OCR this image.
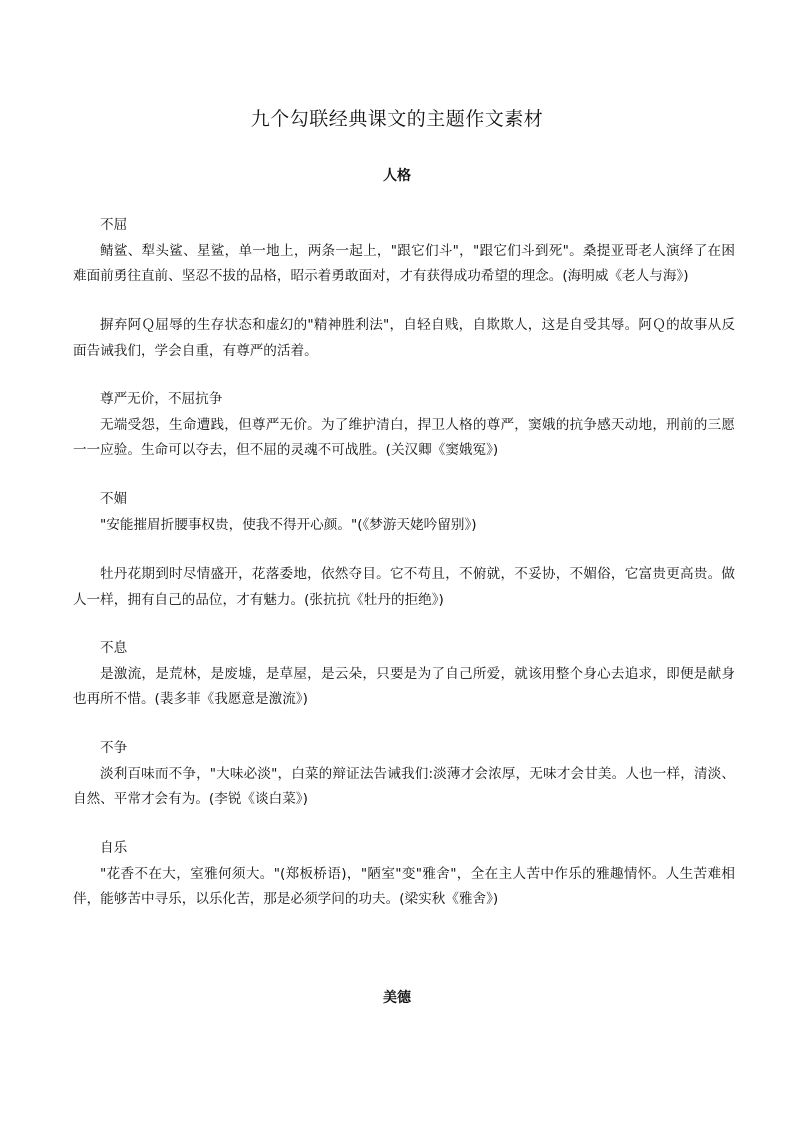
九个勾联经典课文的主题作文素材
人格
不屈
鲭鲨、犁头鲨、星鲨，单一地上，两条一起上，"跟它们斗"，"跟它们斗到死"。桑提亚哥老人演绎了在困难面前勇往直前、坚忍不拔的品格，昭示着勇敢面对，才有获得成功希望的理念。(海明威《老人与海》)
摒弃阿Ｑ屈辱的生存状态和虚幻的"精神胜利法"，自轻自贱，自欺欺人，这是自受其辱。阿Ｑ的故事从反面告诫我们，学会自重，有尊严的活着。
尊严无价，不屈抗争
无端受怨，生命遭践，但尊严无价。为了维护清白，捍卫人格的尊严，窦娥的抗争感天动地，刑前的三愿一一应验。生命可以夺去，但不屈的灵魂不可战胜。(关汉卿《窦娥冤》)
不媚
"安能摧眉折腰事权贵，使我不得开心颜。"(《梦游天姥吟留别》)
牡丹花期到时尽情盛开，花落委地，依然夺目。它不苟且，不俯就，不妥协，不媚俗，它富贵更高贵。做人一样，拥有自己的品位，才有魅力。(张抗抗《牡丹的拒绝》)
不息
是激流，是荒林，是废墟，是草屋，是云朵，只要是为了自己所爱，就该用整个身心去追求，即便是献身也再所不惜。(裴多菲《我愿意是激流》)
不争
淡利百味而不争，"大味必淡"，白菜的辩证法告诫我们:淡薄才会浓厚，无味才会甘美。人也一样，清淡、自然、平常才会有为。(李锐《谈白菜》)
自乐
"花香不在大，室雅何须大。"(郑板桥语)，"陋室"变"雅舍"，全在主人苦中作乐的雅趣情怀。人生苦难相伴，能够苦中寻乐，以乐化苦，那是必须学问的功夫。(梁实秋《雅舍》)
美德
